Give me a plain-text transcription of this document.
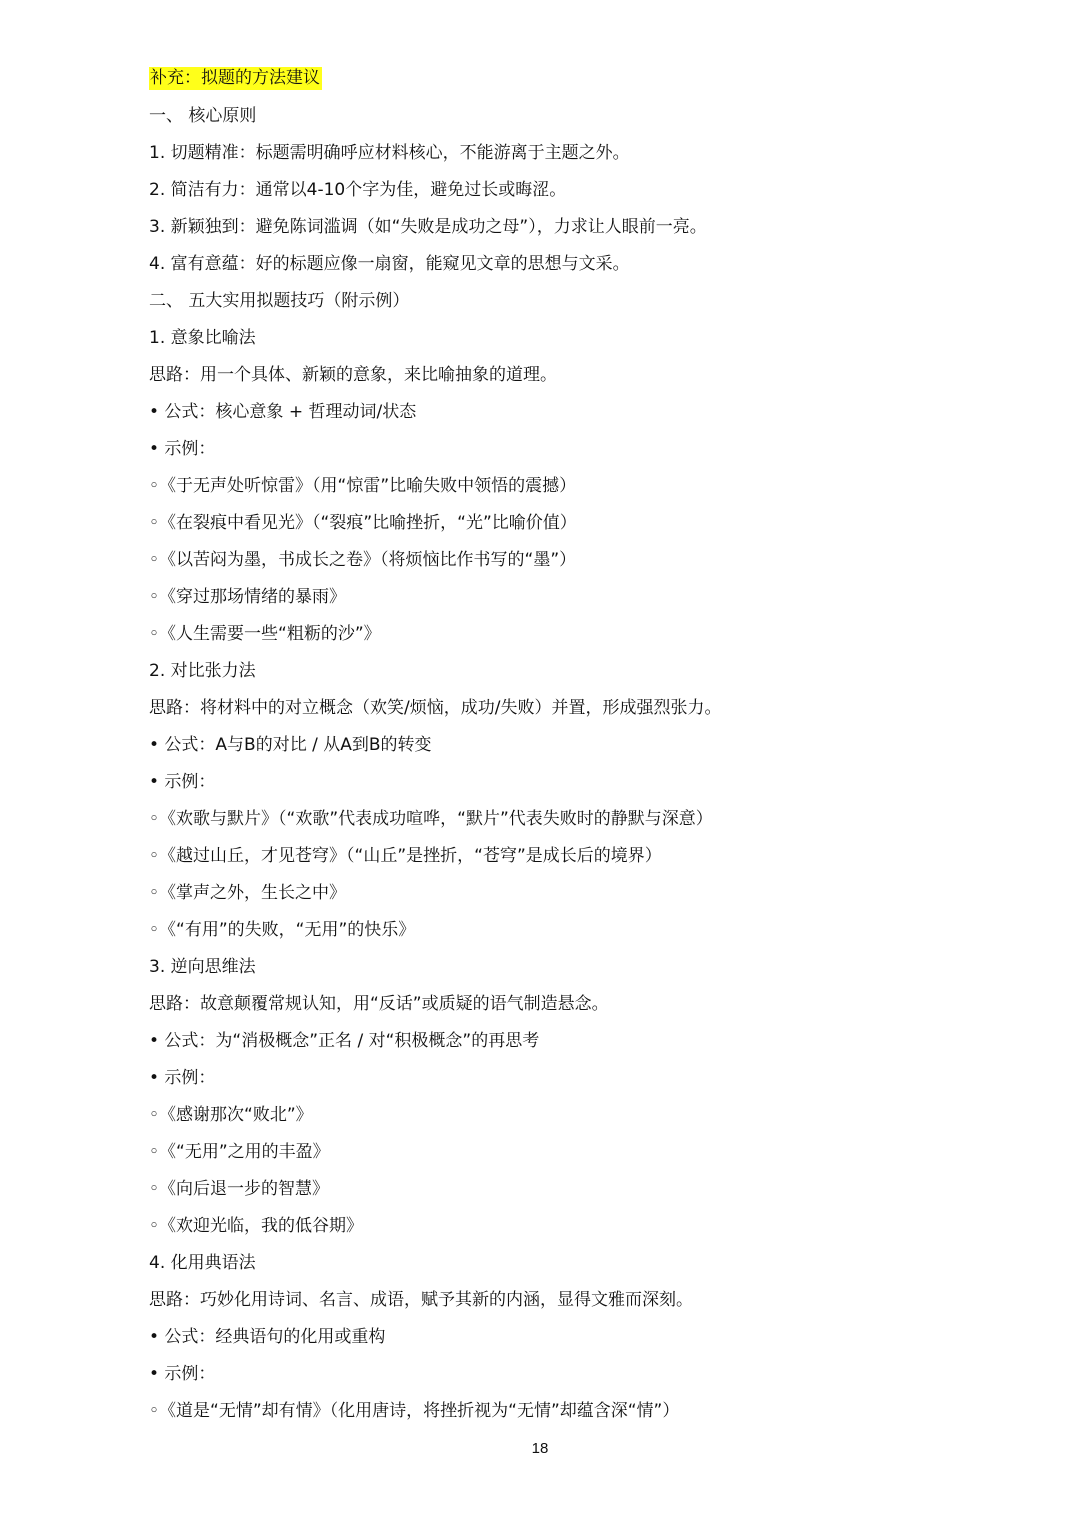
补充：拟题的方法建议
一、 核心原则
1. 切题精准：标题需明确呼应材料核心，不能游离于主题之外。
2. 简洁有力：通常以4-10个字为佳，避免过长或晦涩。
3. 新颖独到：避免陈词滥调（如“失败是成功之母”），力求让人眼前一亮。
4. 富有意蕴：好的标题应像一扇窗，能窥见文章的思想与文采。
二、 五大实用拟题技巧（附示例）
1. 意象比喻法
思路：用一个具体、新颖的意象，来比喻抽象的道理。
• 公式：核心意象 + 哲理动词/状态
• 示例：
◦《于无声处听惊雷》（用“惊雷”比喻失败中领悟的震撼）
◦《在裂痕中看见光》（“裂痕”比喻挫折，“光”比喻价值）
◦《以苦闷为墨，书成长之卷》（将烦恼比作书写的“墨”）
◦《穿过那场情绪的暴雨》
◦《人生需要一些“粗粝的沙”》
2. 对比张力法
思路：将材料中的对立概念（欢笑/烦恼，成功/失败）并置，形成强烈张力。
• 公式：A与B的对比 / 从A到B的转变
• 示例：
◦《欢歌与默片》（“欢歌”代表成功喧哗，“默片”代表失败时的静默与深意）
◦《越过山丘，才见苍穹》（“山丘”是挫折，“苍穹”是成长后的境界）
◦《掌声之外，生长之中》
◦《“有用”的失败，“无用”的快乐》
3. 逆向思维法
思路：故意颠覆常规认知，用“反话”或质疑的语气制造悬念。
• 公式：为“消极概念”正名 / 对“积极概念”的再思考
• 示例：
◦《感谢那次“败北”》
◦《“无用”之用的丰盈》
◦《向后退一步的智慧》
◦《欢迎光临，我的低谷期》
4. 化用典语法
思路：巧妙化用诗词、名言、成语，赋予其新的内涵，显得文雅而深刻。
• 公式：经典语句的化用或重构
• 示例：
◦《道是“无情”却有情》（化用唐诗，将挫折视为“无情”却蕴含深“情”）
18
